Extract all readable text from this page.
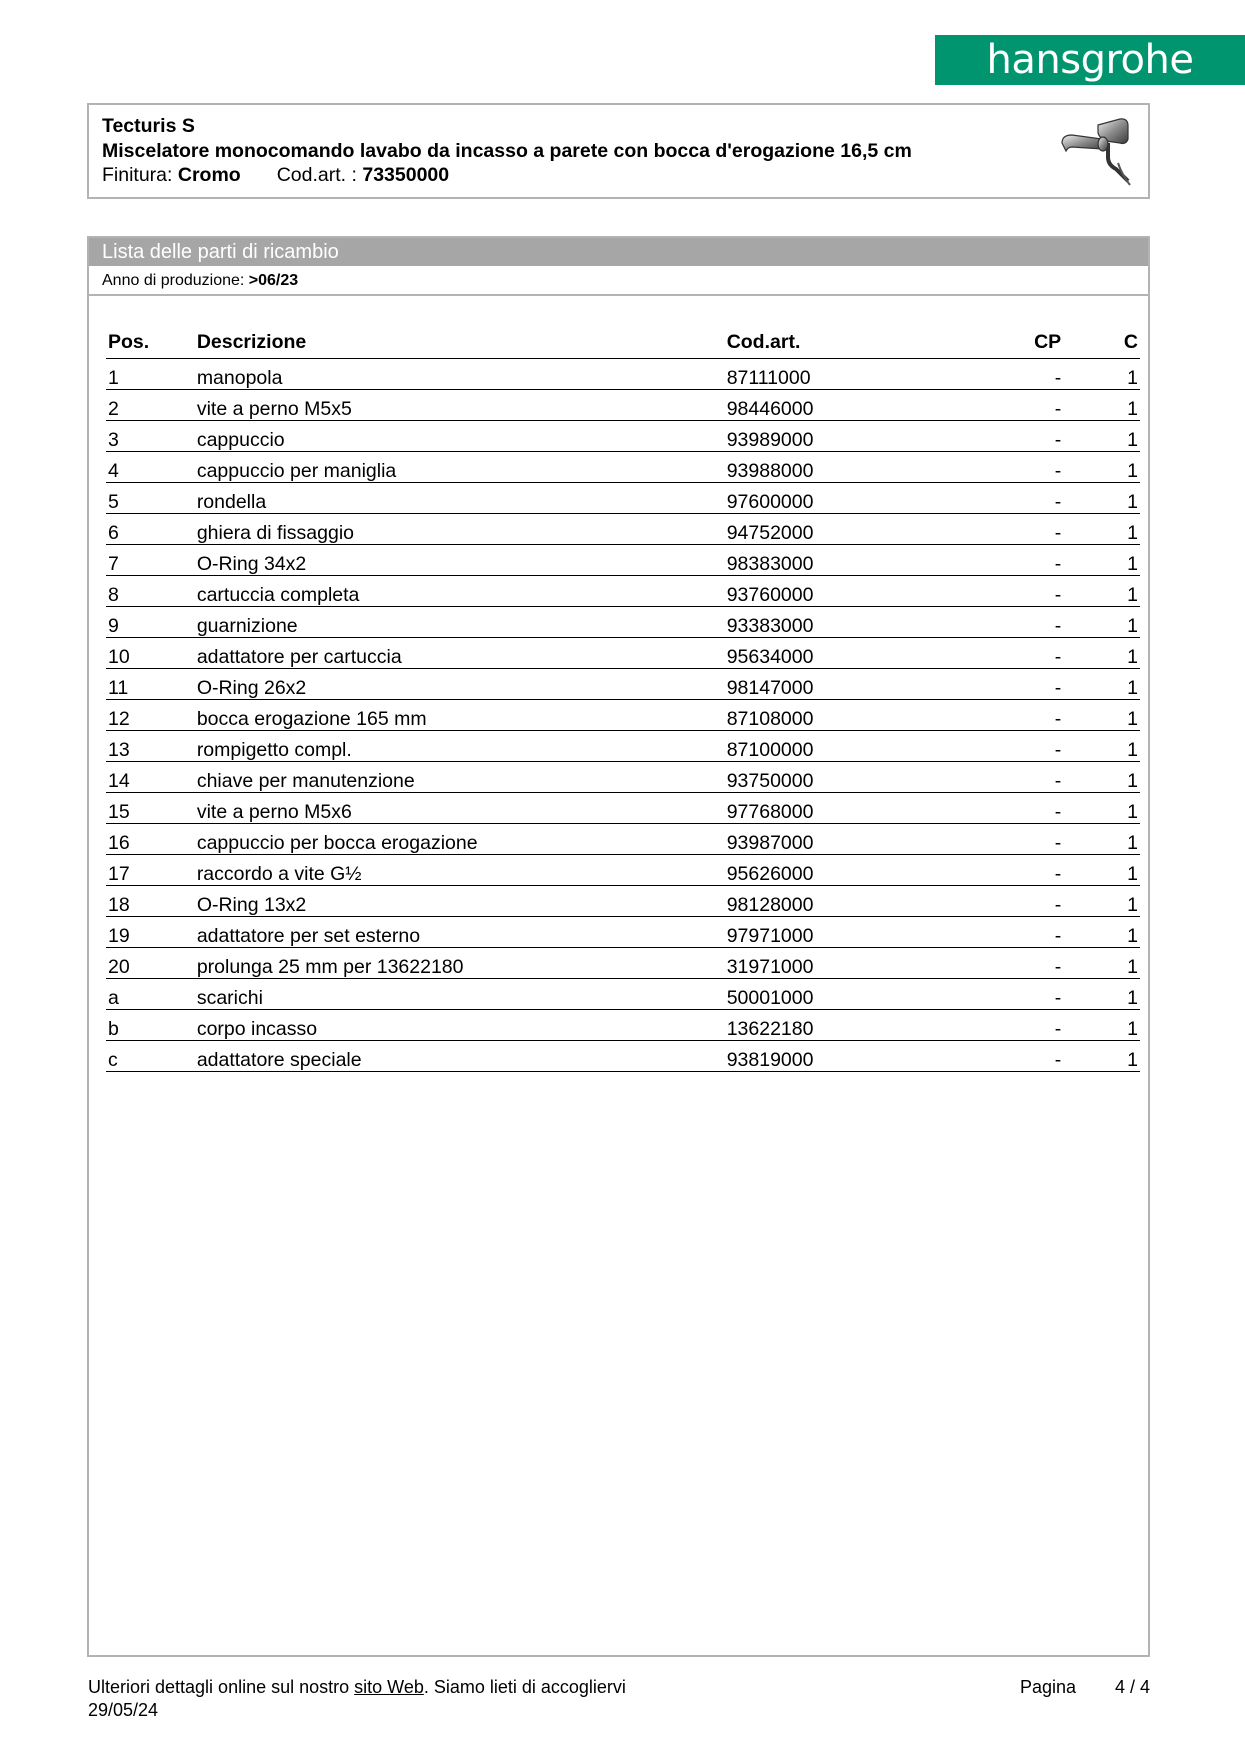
hansgrohe
Tecturis S
Miscelatore monocomando lavabo da incasso a parete con bocca d'erogazione 16,5 cm
Finitura: Cromo Cod.art. : 73350000
Lista delle parti di ricambio
Anno di produzione: >06/23
Pos.	Descrizione	Cod.art.	CP	C
1	manopola	87111000	-	1
2	vite a perno M5x5	98446000	-	1
3	cappuccio	93989000	-	1
4	cappuccio per maniglia	93988000	-	1
5	rondella	97600000	-	1
6	ghiera di fissaggio	94752000	-	1
7	O-Ring 34x2	98383000	-	1
8	cartuccia completa	93760000	-	1
9	guarnizione	93383000	-	1
10	adattatore per cartuccia	95634000	-	1
11	O-Ring 26x2	98147000	-	1
12	bocca erogazione 165 mm	87108000	-	1
13	rompigetto compl.	87100000	-	1
14	chiave per manutenzione	93750000	-	1
15	vite a perno M5x6	97768000	-	1
16	cappuccio per bocca erogazione	93987000	-	1
17	raccordo a vite G½	95626000	-	1
18	O-Ring 13x2	98128000	-	1
19	adattatore per set esterno	97971000	-	1
20	prolunga 25 mm per 13622180	31971000	-	1
a	scarichi	50001000	-	1
b	corpo incasso	13622180	-	1
c	adattatore speciale	93819000	-	1
Ulteriori dettagli online sul nostro sito Web. Siamo lieti di accogliervi
29/05/24
Pagina 4 / 4
